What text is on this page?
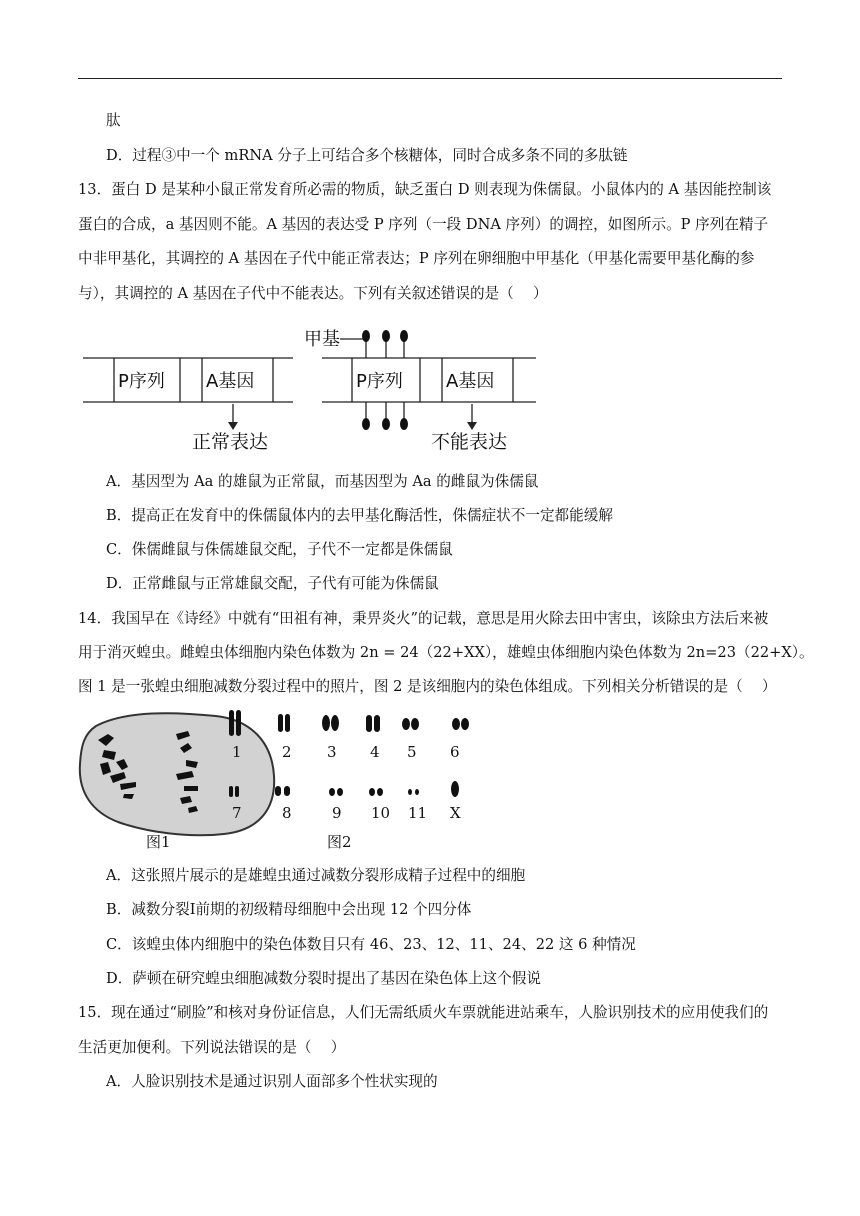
肽
D．过程③中一个 mRNA 分子上可结合多个核糖体，同时合成多条不同的多肽链
13．蛋白 D 是某种小鼠正常发育所必需的物质，缺乏蛋白 D 则表现为侏儒鼠。小鼠体内的 A 基因能控制该
蛋白的合成，a 基因则不能。A 基因的表达受 P 序列（一段 DNA 序列）的调控，如图所示。P 序列在精子
中非甲基化，其调控的 A 基因在子代中能正常表达；P 序列在卵细胞中甲基化（甲基化需要甲基化酶的参
与），其调控的 A 基因在子代中不能表达。下列有关叙述错误的是（　 ）
P序列 A基因
正常表达
P序列 A基因
甲基
不能表达
A．基因型为 Aa 的雄鼠为正常鼠，而基因型为 Aa 的雌鼠为侏儒鼠
B．提高正在发育中的侏儒鼠体内的去甲基化酶活性，侏儒症状不一定都能缓解
C．侏儒雌鼠与侏儒雄鼠交配，子代不一定都是侏儒鼠
D．正常雌鼠与正常雄鼠交配，子代有可能为侏儒鼠
14．我国早在《诗经》中就有“田祖有神，秉畀炎火”的记载，意思是用火除去田中害虫，该除虫方法后来被
用于消灭蝗虫。雌蝗虫体细胞内染色体数为 2n = 24（22+XX），雄蝗虫体细胞内染色体数为 2n=23（22+X）。
图 1 是一张蝗虫细胞减数分裂过程中的照片，图 2 是该细胞内的染色体组成。下列相关分析错误的是（　 ）
1	2 3 4 5 6
7	8	9 10 11 X
图1	图2
A．这张照片展示的是雄蝗虫通过减数分裂形成精子过程中的细胞
B．减数分裂Ⅰ前期的初级精母细胞中会出现 12 个四分体
C．该蝗虫体内细胞中的染色体数目只有 46、23、12、11、24、22 这 6 种情况
D．萨顿在研究蝗虫细胞减数分裂时提出了基因在染色体上这个假说
15．现在通过“刷脸”和核对身份证信息，人们无需纸质火车票就能进站乘车，人脸识别技术的应用使我们的
生活更加便利。下列说法错误的是（　 ）
A．人脸识别技术是通过识别人面部多个性状实现的
